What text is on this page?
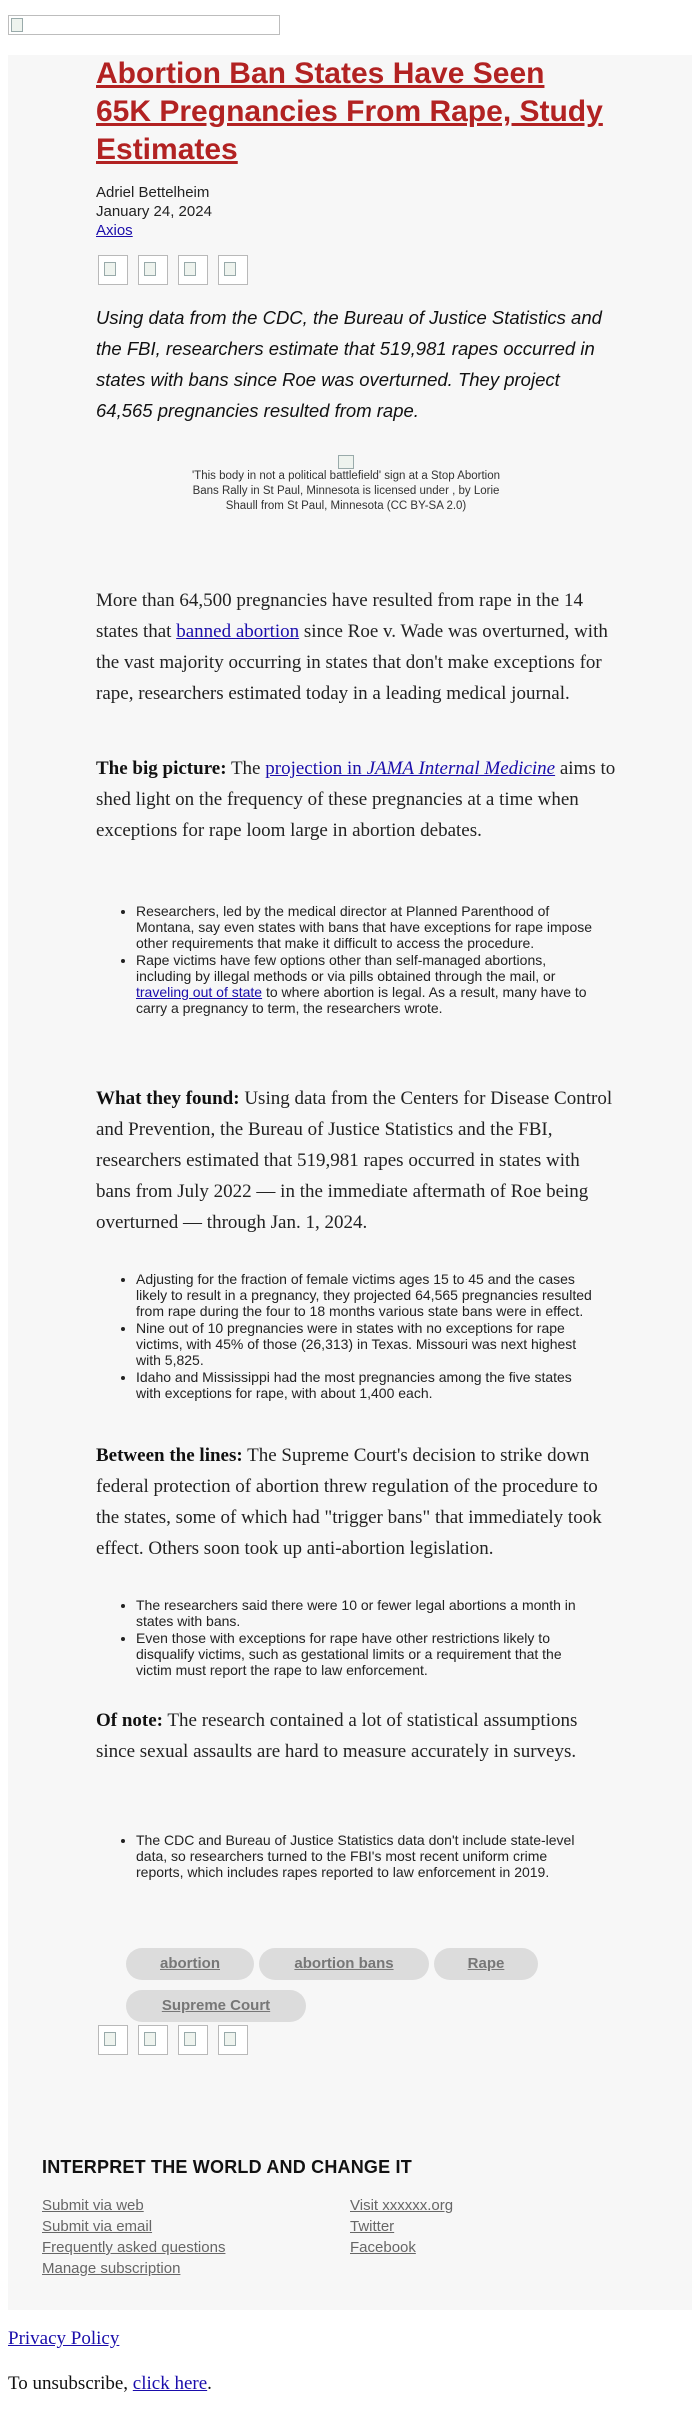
Abortion Ban States Have Seen 65K Pregnancies From Rape, Study Estimates
Adriel Bettelheim
January 24, 2024
Axios

Using data from the CDC, the Bureau of Justice Statistics and the FBI, researchers estimate that 519,981 rapes occurred in states with bans since Roe was overturned. They project 64,565 pregnancies resulted from rape.

'This body in not a political battlefield' sign at a Stop Abortion Bans Rally in St Paul, Minnesota is licensed under , by Lorie Shaull from St Paul, Minnesota (CC BY-SA 2.0)

More than 64,500 pregnancies have resulted from rape in the 14 states that banned abortion since Roe v. Wade was overturned, with the vast majority occurring in states that don't make exceptions for rape, researchers estimated today in a leading medical journal.

The big picture: The projection in JAMA Internal Medicine aims to shed light on the frequency of these pregnancies at a time when exceptions for rape loom large in abortion debates.

• Researchers, led by the medical director at Planned Parenthood of Montana, say even states with bans that have exceptions for rape impose other requirements that make it difficult to access the procedure.
• Rape victims have few options other than self-managed abortions, including by illegal methods or via pills obtained through the mail, or traveling out of state to where abortion is legal. As a result, many have to carry a pregnancy to term, the researchers wrote.

What they found: Using data from the Centers for Disease Control and Prevention, the Bureau of Justice Statistics and the FBI, researchers estimated that 519,981 rapes occurred in states with bans from July 2022 — in the immediate aftermath of Roe being overturned — through Jan. 1, 2024.

• Adjusting for the fraction of female victims ages 15 to 45 and the cases likely to result in a pregnancy, they projected 64,565 pregnancies resulted from rape during the four to 18 months various state bans were in effect.
• Nine out of 10 pregnancies were in states with no exceptions for rape victims, with 45% of those (26,313) in Texas. Missouri was next highest with 5,825.
• Idaho and Mississippi had the most pregnancies among the five states with exceptions for rape, with about 1,400 each.

Between the lines: The Supreme Court's decision to strike down federal protection of abortion threw regulation of the procedure to the states, some of which had "trigger bans" that immediately took effect. Others soon took up anti-abortion legislation.

• The researchers said there were 10 or fewer legal abortions a month in states with bans.
• Even those with exceptions for rape have other restrictions likely to disqualify victims, such as gestational limits or a requirement that the victim must report the rape to law enforcement.

Of note: The research contained a lot of statistical assumptions since sexual assaults are hard to measure accurately in surveys.

• The CDC and Bureau of Justice Statistics data don't include state-level data, so researchers turned to the FBI's most recent uniform crime reports, which includes rapes reported to law enforcement in 2019.
abortion	abortion bans	Rape
Supreme Court
INTERPRET THE WORLD AND CHANGE IT
Submit via web
Submit via email
Frequently asked questions
Manage subscription
Visit xxxxxx.org
Twitter
Facebook
Privacy Policy
To unsubscribe, click here.
